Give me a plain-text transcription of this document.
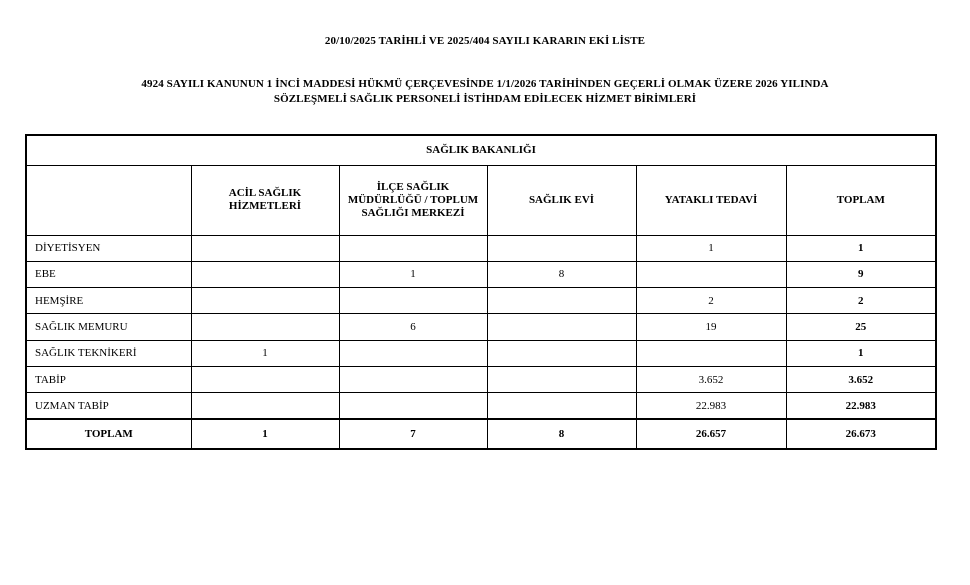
20/10/2025 TARİHLİ VE 2025/404 SAYILI KARARIN EKİ LİSTE
4924 SAYILI KANUNUN 1 İNCİ MADDESİ HÜKMÜ ÇERÇEVESİNDE 1/1/2026 TARİHİNDEN GEÇERLİ OLMAK ÜZERE 2026 YILINDA
SÖZLEŞMELİ SAĞLIK PERSONELİ İSTİHDAM EDİLECEK HİZMET BİRİMLERİ
SAĞLIK BAKANLIĞI					
	ACİL SAĞLIK HİZMETLERİ	İLÇE SAĞLIK MÜDÜRLÜĞÜ / TOPLUM SAĞLIĞI MERKEZİ	SAĞLIK EVİ	YATAKLI TEDAVİ	TOPLAM
DİYETİSYEN				1	1
EBE		1	8		9
HEMŞİRE				2	2
SAĞLIK MEMURU		6		19	25
SAĞLIK TEKNİKERİ	1				1
TABİP				3.652	3.652
UZMAN TABİP				22.983	22.983
TOPLAM	1	7	8	26.657	26.673
